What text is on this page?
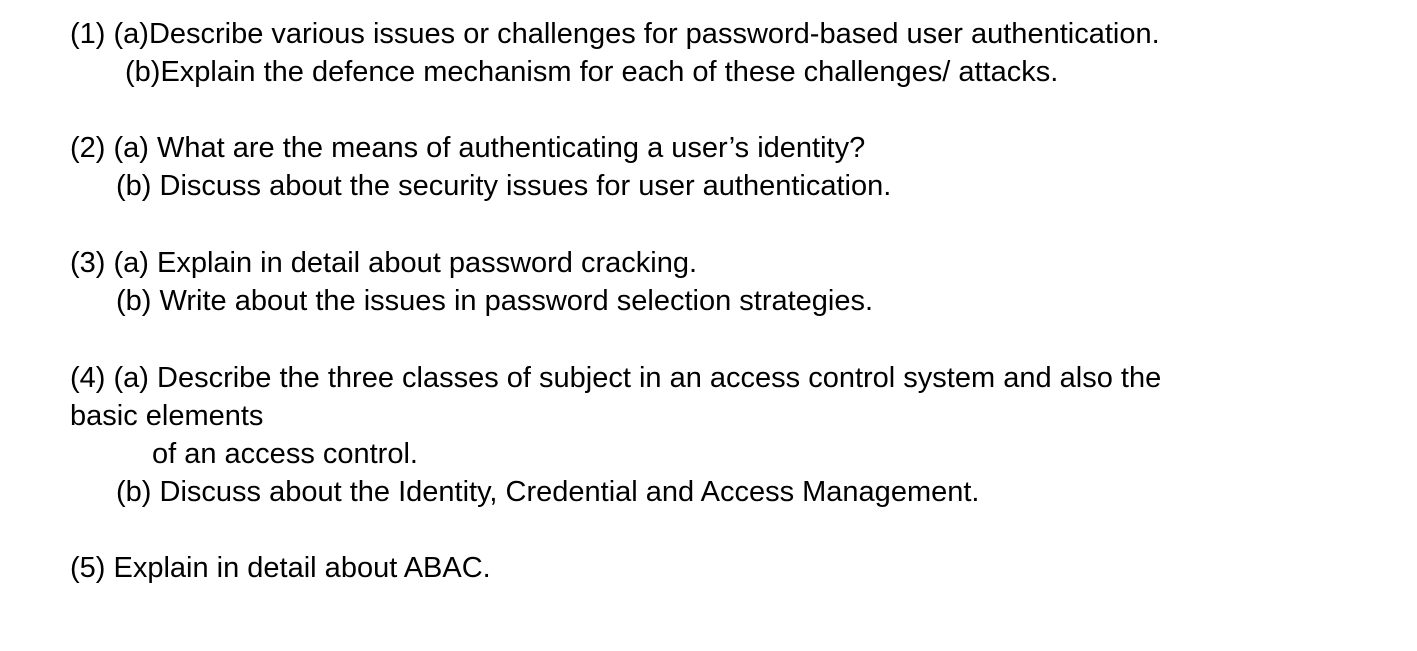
(1) (a)Describe various issues or challenges for password-based user authentication.
(b)Explain the defence mechanism for each of these challenges/ attacks.
(2) (a) What are the means of authenticating a user’s identity?
(b) Discuss about the security issues for user authentication.
(3) (a) Explain in detail about password cracking.
(b) Write about the issues in password selection strategies.
(4) (a) Describe the three classes of subject in an access control system and also the
basic elements
of an access control.
(b) Discuss about the Identity, Credential and Access Management.
(5) Explain in detail about ABAC.
